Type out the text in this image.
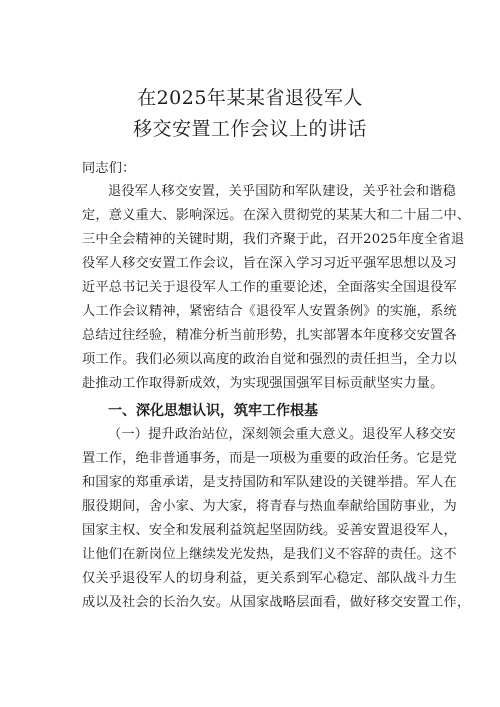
在2025年某某省退役军人
移交安置工作会议上的讲话
同志们：
退役军人移交安置，关乎国防和军队建设，关乎社会和谐稳
定，意义重大、影响深远。在深入贯彻党的某某大和二十届二中、
三中全会精神的关键时期，我们齐聚于此，召开2025年度全省退
役军人移交安置工作会议，旨在深入学习习近平强军思想以及习
近平总书记关于退役军人工作的重要论述，全面落实全国退役军
人工作会议精神，紧密结合《退役军人安置条例》的实施，系统
总结过往经验，精准分析当前形势，扎实部署本年度移交安置各
项工作。我们必须以高度的政治自觉和强烈的责任担当，全力以
赴推动工作取得新成效，为实现强国强军目标贡献坚实力量。
一、深化思想认识，筑牢工作根基
（一）提升政治站位，深刻领会重大意义。退役军人移交安
置工作，绝非普通事务，而是一项极为重要的政治任务。它是党
和国家的郑重承诺，是支持国防和军队建设的关键举措。军人在
服役期间，舍小家、为大家，将青春与热血奉献给国防事业，为
国家主权、安全和发展利益筑起坚固防线。妥善安置退役军人，
让他们在新岗位上继续发光发热，是我们义不容辞的责任。这不
仅关乎退役军人的切身利益，更关系到军心稳定、部队战斗力生
成以及社会的长治久安。从国家战略层面看，做好移交安置工作，
